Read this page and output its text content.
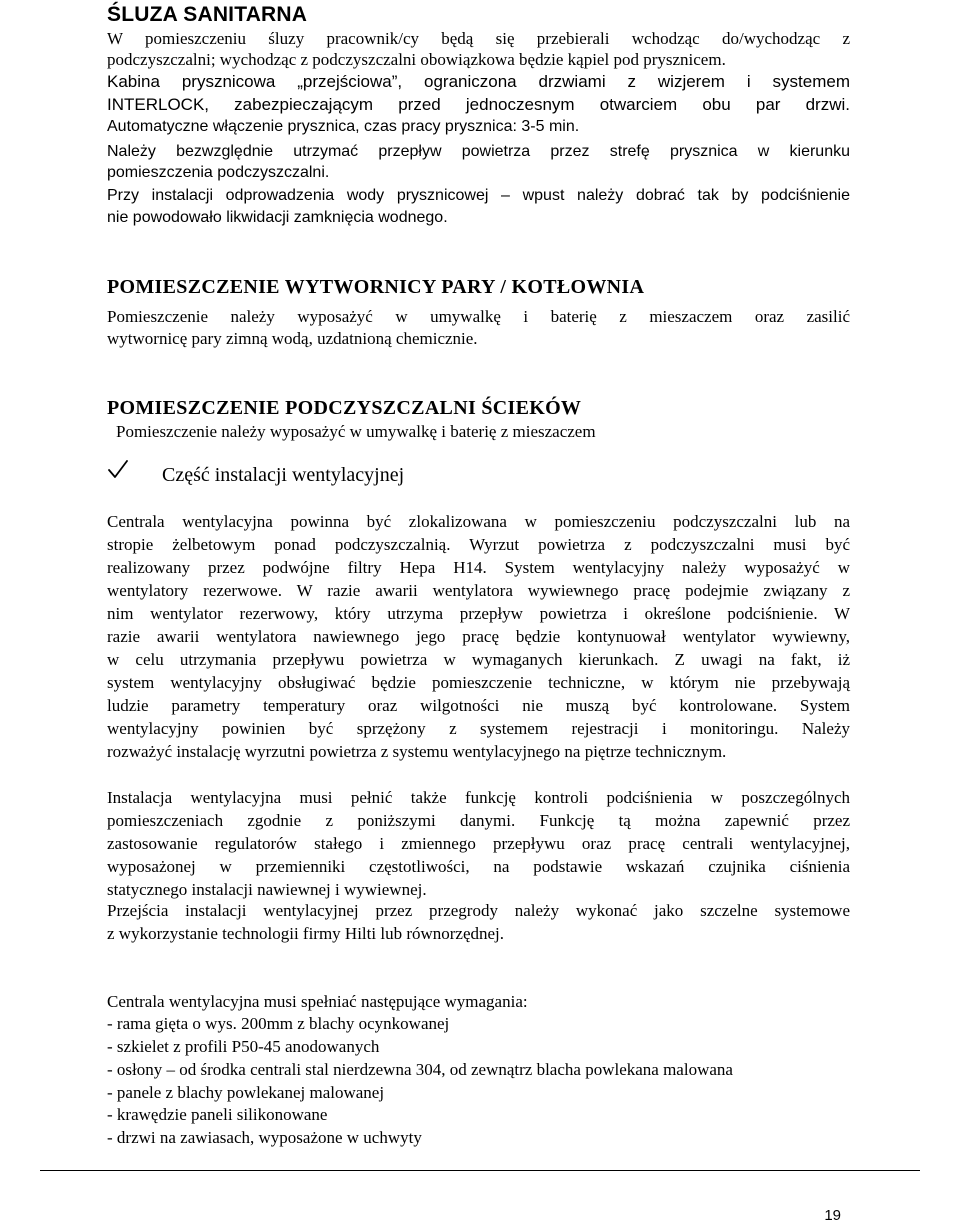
ŚLUZA SANITARNA
W pomieszczeniu śluzy pracownik/cy będą się przebierali wchodząc do/wychodząc z
podczyszczalni; wychodząc z podczyszczalni obowiązkowa będzie kąpiel pod prysznicem.
Kabina prysznicowa „przejściowa”, ograniczona drzwiami z wizjerem i systemem
INTERLOCK, zabezpieczającym przed jednoczesnym otwarciem obu par drzwi.
Automatyczne włączenie prysznica, czas pracy prysznica: 3-5 min.
Należy bezwzględnie utrzymać przepływ powietrza przez strefę prysznica w kierunku
pomieszczenia podczyszczalni.
Przy instalacji odprowadzenia wody prysznicowej – wpust należy dobrać tak by podciśnienie
nie powodowało likwidacji zamknięcia wodnego.
POMIESZCZENIE WYTWORNICY PARY / KOTŁOWNIA
Pomieszczenie należy wyposażyć w umywalkę i baterię z mieszaczem oraz zasilić
wytwornicę pary zimną wodą, uzdatnioną chemicznie.
POMIESZCZENIE PODCZYSZCZALNI ŚCIEKÓW
Pomieszczenie należy wyposażyć w umywalkę i baterię z mieszaczem
Część instalacji wentylacyjnej
Centrala wentylacyjna powinna być zlokalizowana w pomieszczeniu podczyszczalni lub na
stropie żelbetowym ponad podczyszczalnią. Wyrzut powietrza z podczyszczalni musi być
realizowany przez podwójne filtry Hepa H14. System wentylacyjny należy wyposażyć w
wentylatory rezerwowe. W razie awarii wentylatora wywiewnego pracę podejmie związany z
nim wentylator rezerwowy, który utrzyma przepływ powietrza i określone podciśnienie. W
razie awarii wentylatora nawiewnego jego pracę będzie kontynuował wentylator wywiewny,
w celu utrzymania przepływu powietrza w wymaganych kierunkach. Z uwagi na fakt, iż
system wentylacyjny obsługiwać będzie pomieszczenie techniczne, w którym nie przebywają
ludzie parametry temperatury oraz wilgotności nie muszą być kontrolowane. System
wentylacyjny powinien być sprzężony z systemem rejestracji i monitoringu. Należy
rozważyć instalację wyrzutni powietrza z systemu wentylacyjnego na piętrze technicznym.
Instalacja wentylacyjna musi pełnić także funkcję kontroli podciśnienia w poszczególnych
pomieszczeniach zgodnie z poniższymi danymi. Funkcję tą można zapewnić przez
zastosowanie regulatorów stałego i zmiennego przepływu oraz pracę centrali wentylacyjnej,
wyposażonej w przemienniki częstotliwości, na podstawie wskazań czujnika ciśnienia
statycznego instalacji nawiewnej i wywiewnej.
Przejścia instalacji wentylacyjnej przez przegrody należy wykonać jako szczelne systemowe
z wykorzystanie technologii firmy Hilti lub równorzędnej.
Centrala wentylacyjna musi spełniać następujące wymagania:
- rama gięta o wys. 200mm z blachy ocynkowanej
- szkielet z profili P50-45 anodowanych
- osłony – od środka centrali stal nierdzewna 304, od zewnątrz blacha powlekana malowana
- panele z blachy powlekanej malowanej
- krawędzie paneli silikonowane
- drzwi na zawiasach, wyposażone w uchwyty
19
